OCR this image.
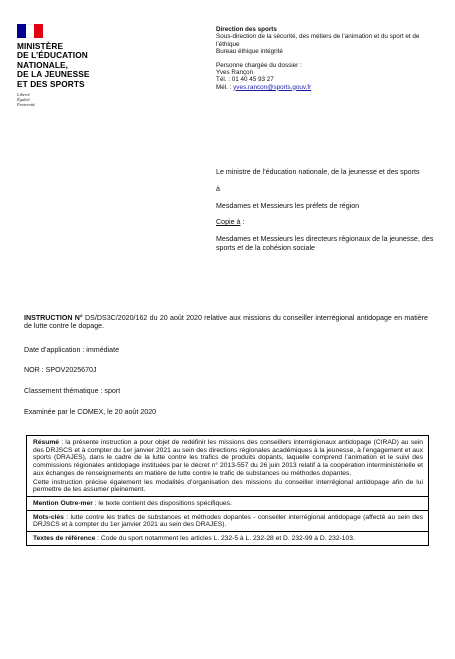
MINISTÈRE
DE L’ÉDUCATION
NATIONALE,
DE LA JEUNESSE
ET DES SPORTS
Liberté
Égalité
Fraternité
Direction des sports
Sous-direction de la sécurité, des métiers de l’animation et du sport et de l’éthique
Bureau éthique intégrité
Personne chargée du dossier :
Yves Rançon
Tél. : 01 40 45 93 27
Mél. : yves.rancon@sports.gouv.fr

Le ministre de l’éducation nationale, de la jeunesse et des sports

à

Mesdames et Messieurs les préfets de région

Copie à :

Mesdames et Messieurs les directeurs régionaux de la jeunesse, des sports et de la cohésion sociale

INSTRUCTION N° DS/DS3C/2020/162 du 20 août 2020 relative aux missions du conseiller interrégional antidopage en matière de lutte contre le dopage.
Date d’application : immédiate
NOR : SPOV2025670J
Classement thématique : sport
Examinée par le COMEX, le 20 août 2020

Résumé : la présente instruction a pour objet de redéfinir les missions des conseillers interrégionaux antidopage (CIRAD) au sein des DRJSCS et à compter du 1er janvier 2021 au sein des directions régionales académiques à la jeunesse, à l’engagement et aux sports (DRAJES), dans le cadre de la lutte contre les trafics de produits dopants, laquelle comprend l’animation et le suivi des commissions régionales antidopage instituées par le décret n° 2013-557 du 26 juin 2013 relatif à la coopération interministérielle et aux échanges de renseignements en matière de lutte contre le trafic de substances ou méthodes dopantes.

Cette instruction précise également les modalités d’organisation des missions du conseiller interrégional antidopage afin de lui permettre de les assumer pleinement.

Mention Outre-mer : le texte contient des dispositions spécifiques.
Mots-clés : lutte contre les trafics de substances et méthodes dopantes - conseiller interrégional antidopage (affecté au sein des DRJSCS et à compter du 1er janvier 2021 au sein des DRAJES).
Textes de référence : Code du sport notamment les articles L. 232-5 à L. 232-28 et D. 232-99 à D. 232-103.
